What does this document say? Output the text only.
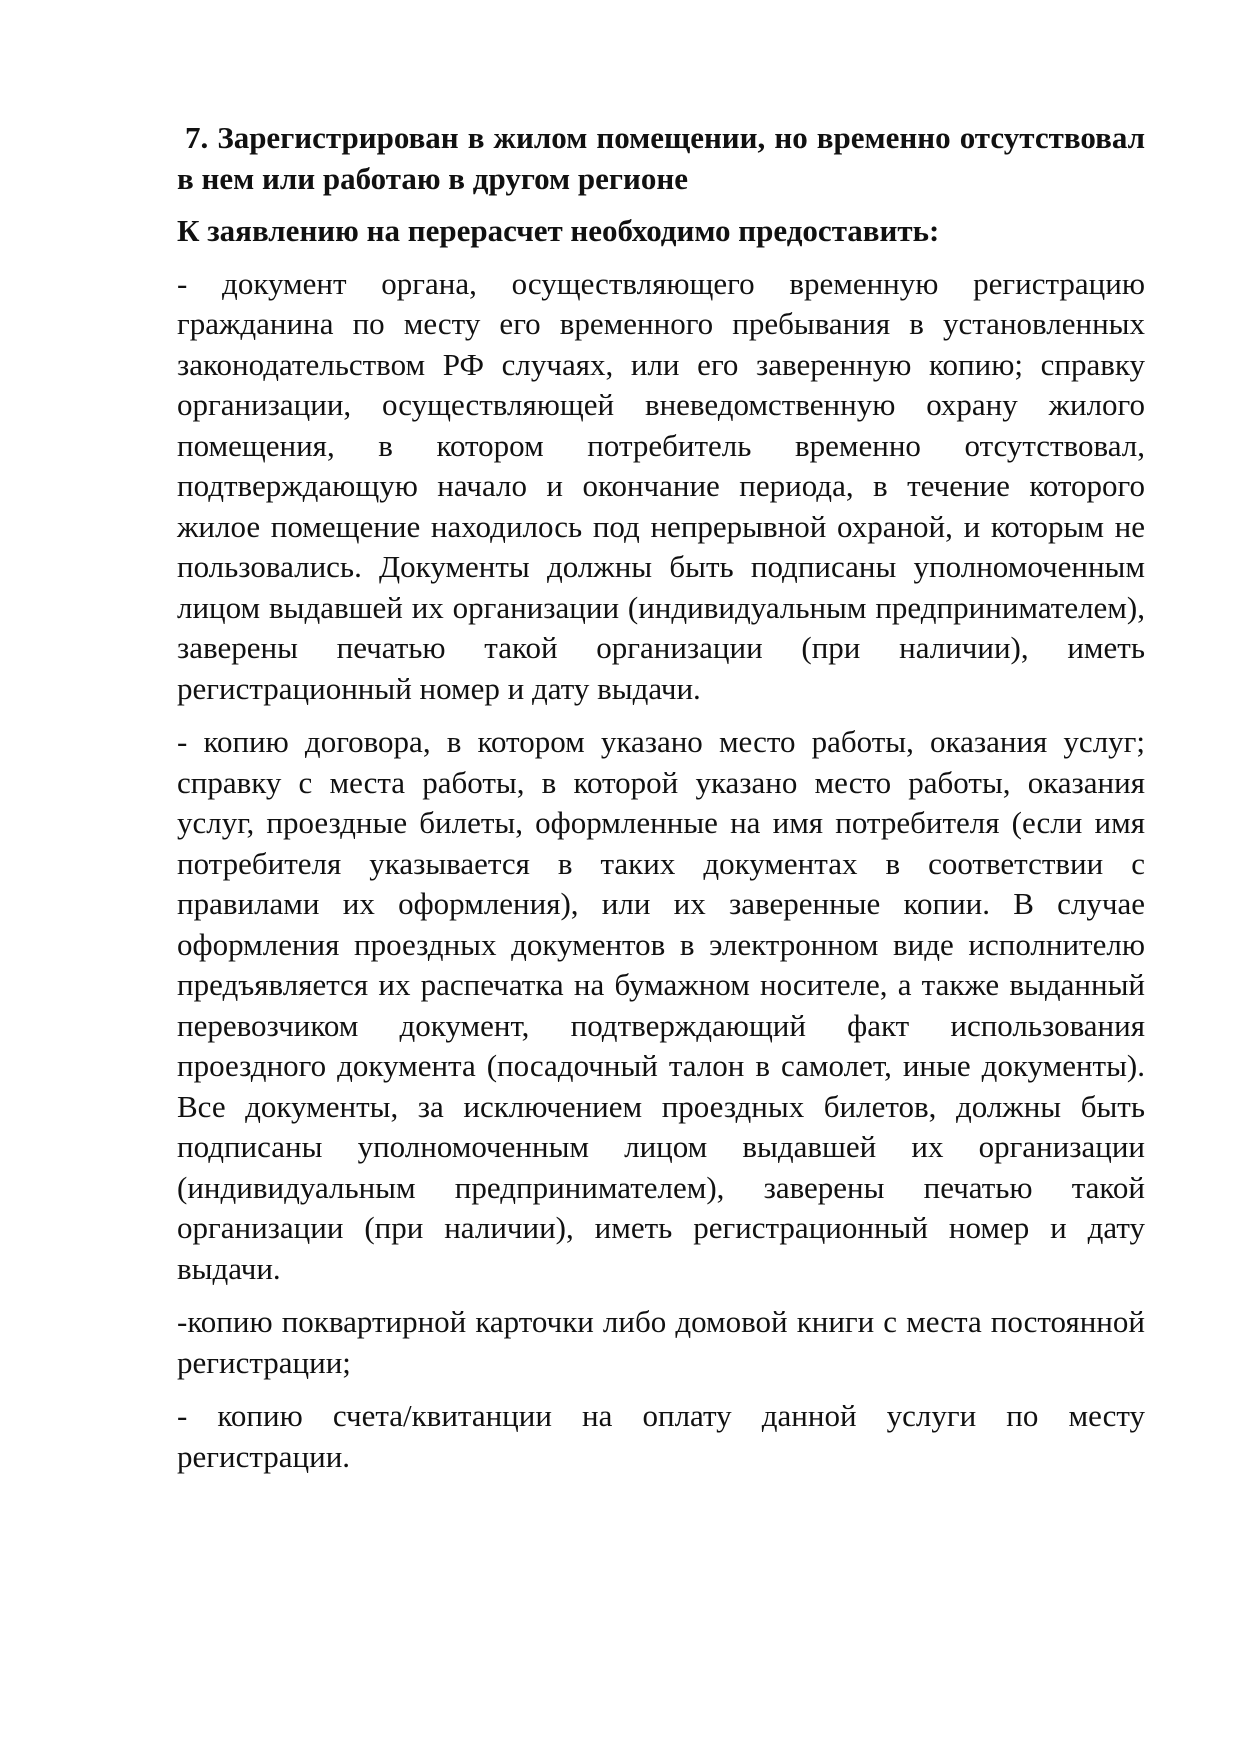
7. Зарегистрирован в жилом помещении, но временно отсутствовал в нем или работаю в другом регионе

К заявлению на перерасчет необходимо предоставить:

- документ органа, осуществляющего временную регистрацию гражданина по месту его временного пребывания в установленных законодательством РФ случаях, или его заверенную копию; справку организации, осуществляющей вневедомственную охрану жилого помещения, в котором потребитель временно отсутствовал, подтверждающую начало и окончание периода, в течение которого жилое помещение находилось под непрерывной охраной, и которым не пользовались. Документы должны быть подписаны уполномоченным лицом выдавшей их организации (индивидуальным предпринимателем), заверены печатью такой организации (при наличии), иметь регистрационный номер и дату выдачи.

- копию договора, в котором указано место работы, оказания услуг; справку с места работы, в которой указано место работы, оказания услуг, проездные билеты, оформленные на имя потребителя (если имя потребителя указывается в таких документах в соответствии с правилами их оформления), или их заверенные копии. В случае оформления проездных документов в электронном виде исполнителю предъявляется их распечатка на бумажном носителе, а также выданный перевозчиком документ, подтверждающий факт использования проездного документа (посадочный талон в самолет, иные документы). Все документы, за исключением проездных билетов, должны быть подписаны уполномоченным лицом выдавшей их организации (индивидуальным предпринимателем), заверены печатью такой организации (при наличии), иметь регистрационный номер и дату выдачи.

-копию поквартирной карточки либо домовой книги с места постоянной регистрации;

- копию счета/квитанции на оплату данной услуги по месту регистрации.
